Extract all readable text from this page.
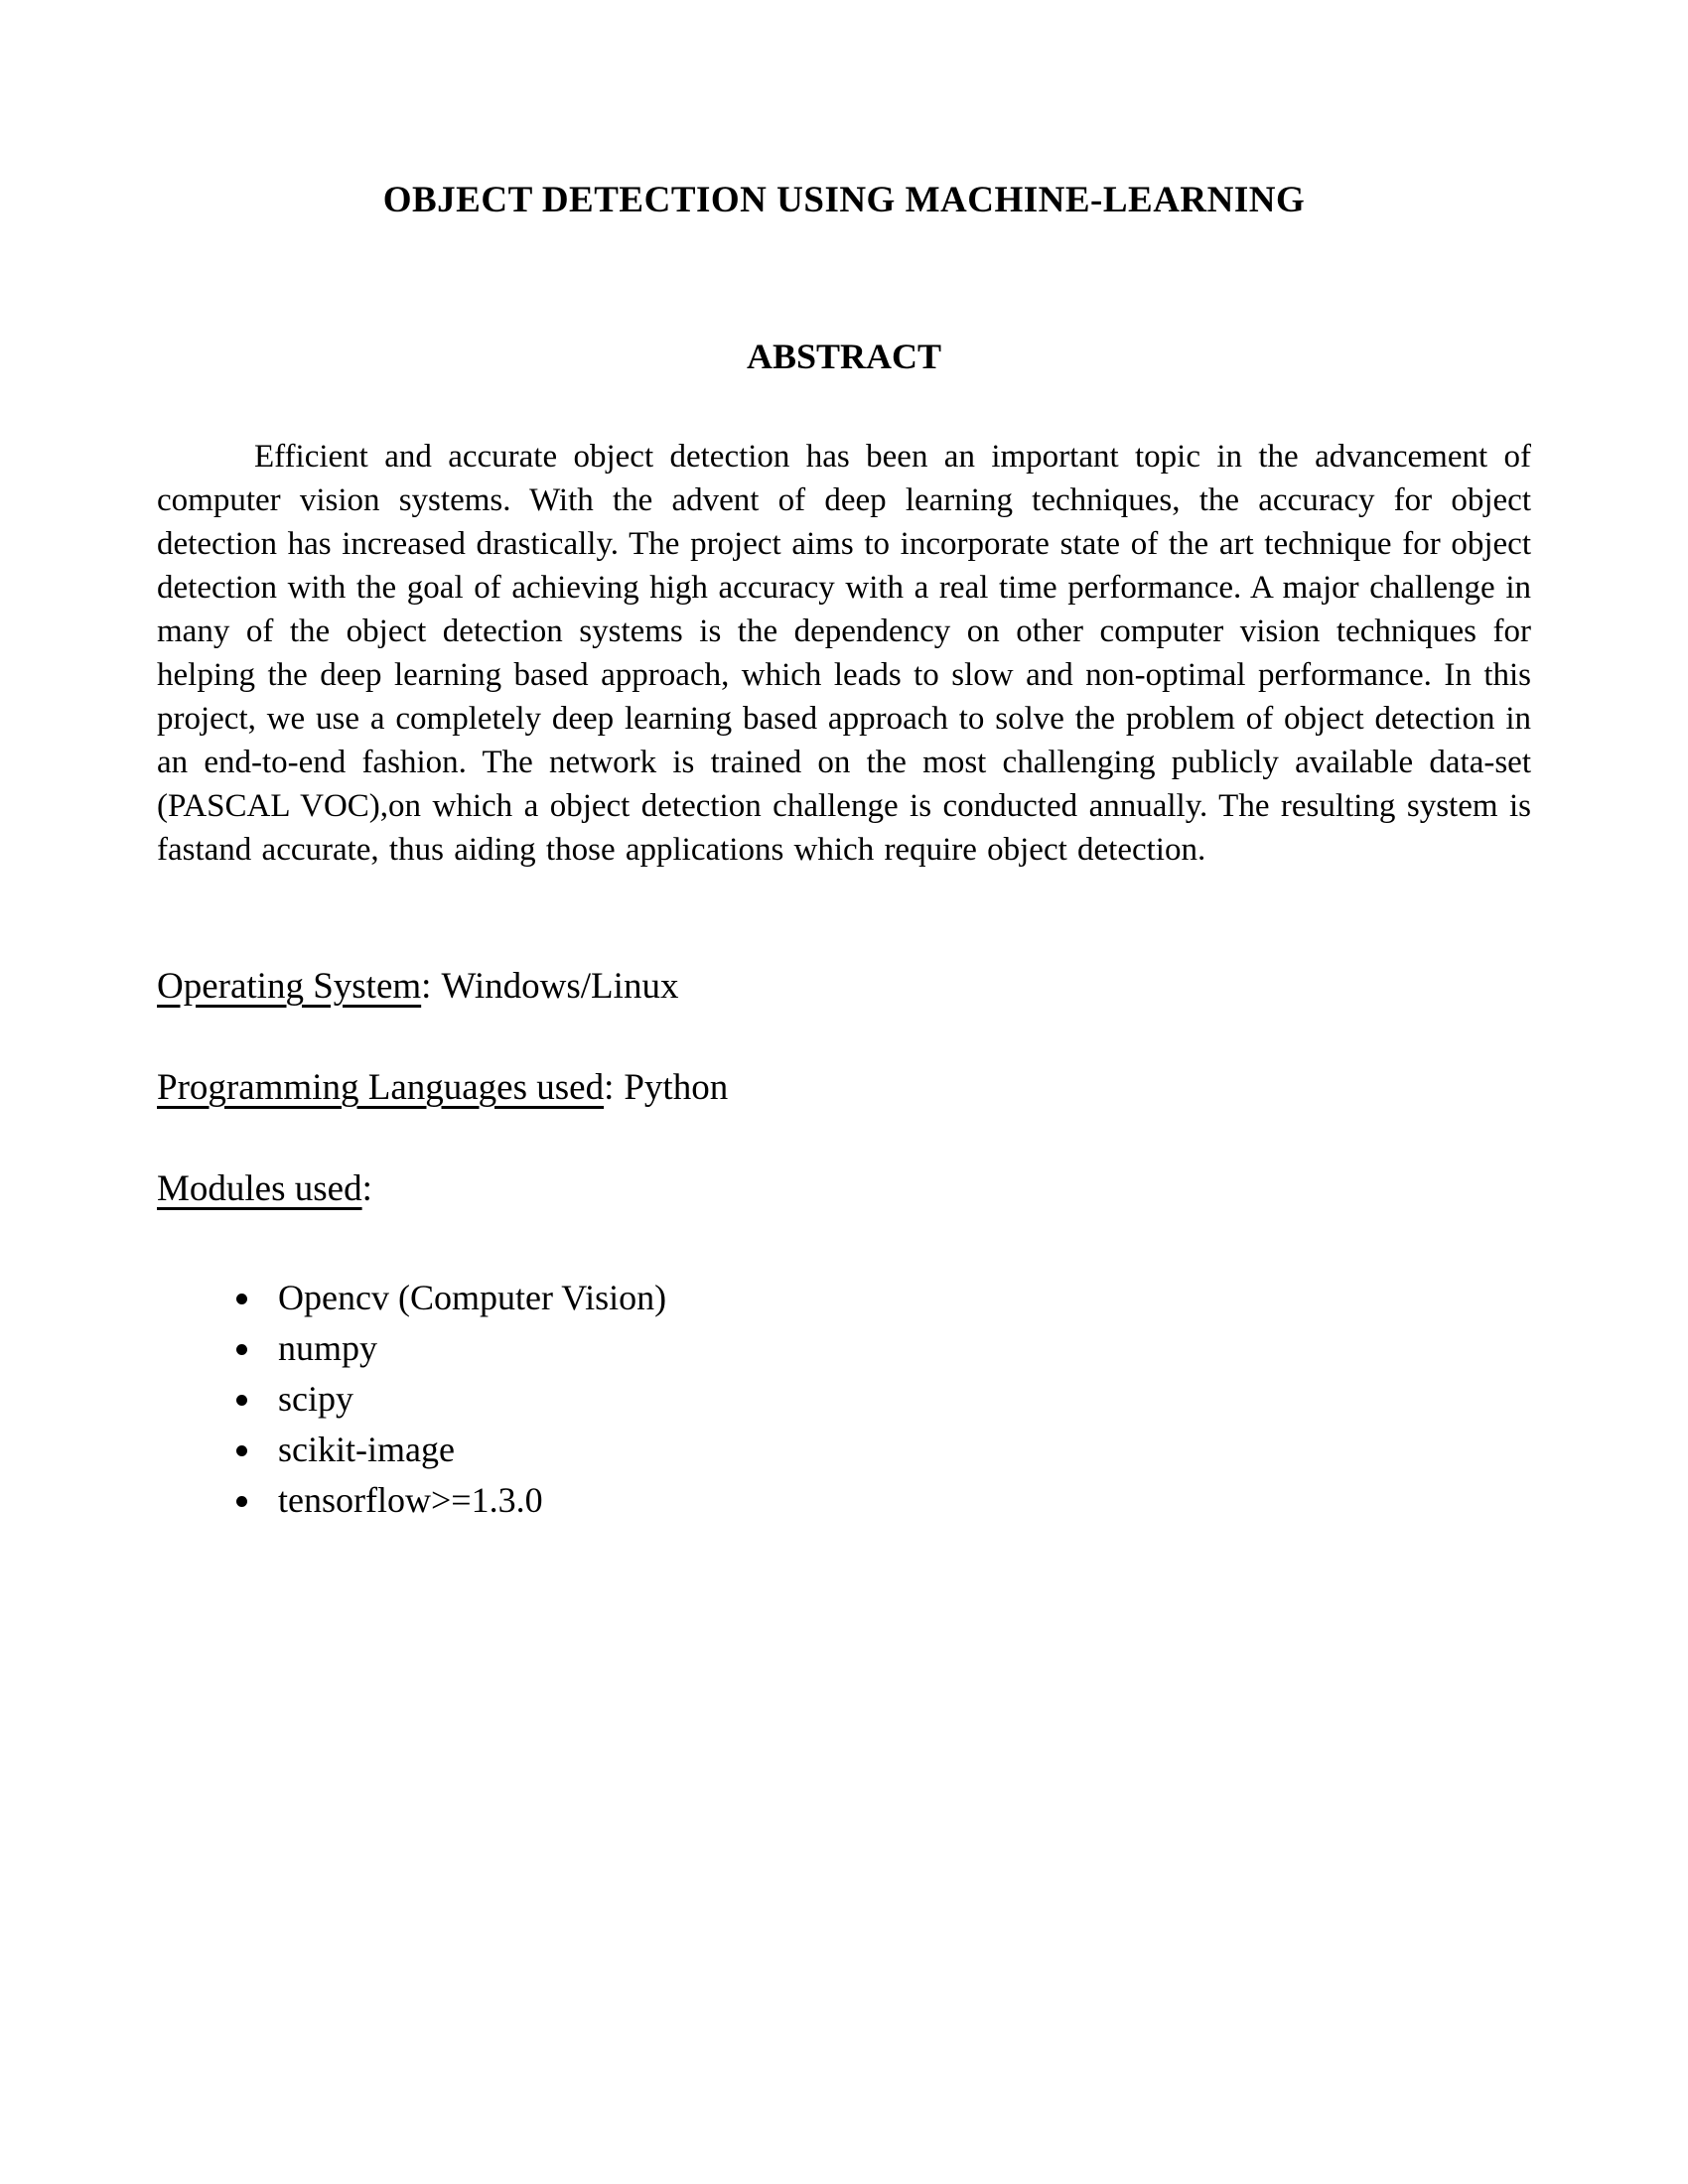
OBJECT DETECTION USING MACHINE-LEARNING
ABSTRACT

Efficient and accurate object detection has been an important topic in the advancement of computer vision systems. With the advent of deep learning techniques, the accuracy for object detection has increased drastically. The project aims to incorporate state of the art technique for object detection with the goal of achieving high accuracy with a real time performance. A major challenge in many of the object detection systems is the dependency on other computer vision techniques for helping the deep learning based approach, which leads to slow and non-optimal performance. In this project, we use a completely deep learning based approach to solve the problem of object detection in an end-to-end fashion. The network is trained on the most challenging publicly available data-set (PASCAL VOC),on which a object detection challenge is conducted annually. The resulting system is fastand accurate, thus aiding those applications which require object detection.

Operating System: Windows/Linux
Programming Languages used: Python
Modules used:
• Opencv (Computer Vision)
• numpy
• scipy
• scikit-image
• tensorflow>=1.3.0
